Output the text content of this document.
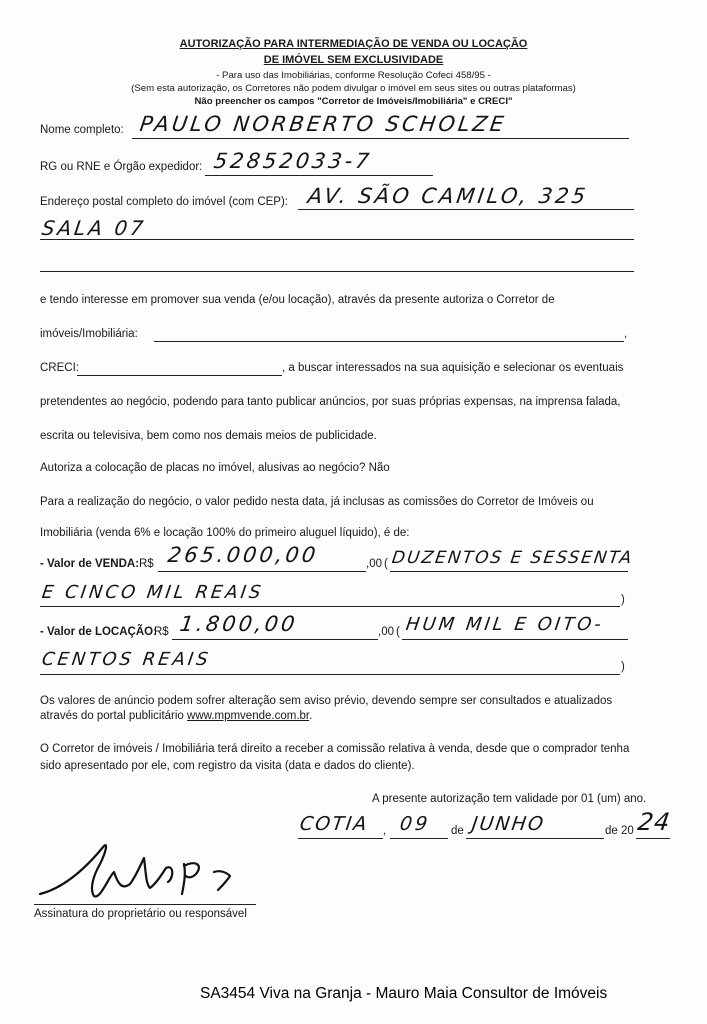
AUTORIZAÇÃO PARA INTERMEDIAÇÃO DE VENDA OU LOCAÇÃO
DE IMÓVEL SEM EXCLUSIVIDADE
- Para uso das Imobiliárias, conforme Resolução Cofeci 458/95 -
(Sem esta autorização, os Corretores não podem divulgar o imóvel em seus sites ou outras plataformas)
Não preencher os campos "Corretor de Imóveis/Imobiliária" e CRECI"
Nome completo: PAULO NORBERTO SCHOLZE
RG ou RNE e Órgão expedidor: 52852033-7
Endereço postal completo do imóvel (com CEP): AV. SÃO CAMILO, 325
SALA 07
e tendo interesse em promover sua venda (e/ou locação), através da presente autoriza o Corretor de
imóveis/Imobiliária:	,
CRECI:	, a buscar interessados na sua aquisição e selecionar os eventuais
pretendentes ao negócio, podendo para tanto publicar anúncios, por suas próprias expensas, na imprensa falada,
escrita ou televisiva, bem como nos demais meios de publicidade.
Autoriza a colocação de placas no imóvel, alusivas ao negócio? Não
Para a realização do negócio, o valor pedido nesta data, já inclusas as comissões do Corretor de Imóveis ou
Imobiliária (venda 6% e locação 100% do primeiro aluguel líquido), é de:
- Valor de VENDA: R$ 265.000,00	,00 ( DUZENTOS E SESSENTA
E CINCO MIL REAIS	)
- Valor de LOCAÇÃO:
R$ 1.800,00	,00 ( HUM MIL E OITO-
CENTOS REAIS	)
Os valores de anúncio podem sofrer alteração sem aviso prévio, devendo sempre ser consultados e atualizados
através do portal publicitário www.mpmvende.com.br.
O Corretor de imóveis / Imobiliária terá direito a receber a comissão relativa à venda, desde que o comprador tenha
sido apresentado por ele, com registro da visita (data e dados do cliente).
A presente autorização tem validade por 01 (um) ano.
COTIA , 09 de JUNHO	de 20 24
Assinatura do proprietário ou responsável
SA3454 Viva na Granja - Mauro Maia Consultor de Imóveis
